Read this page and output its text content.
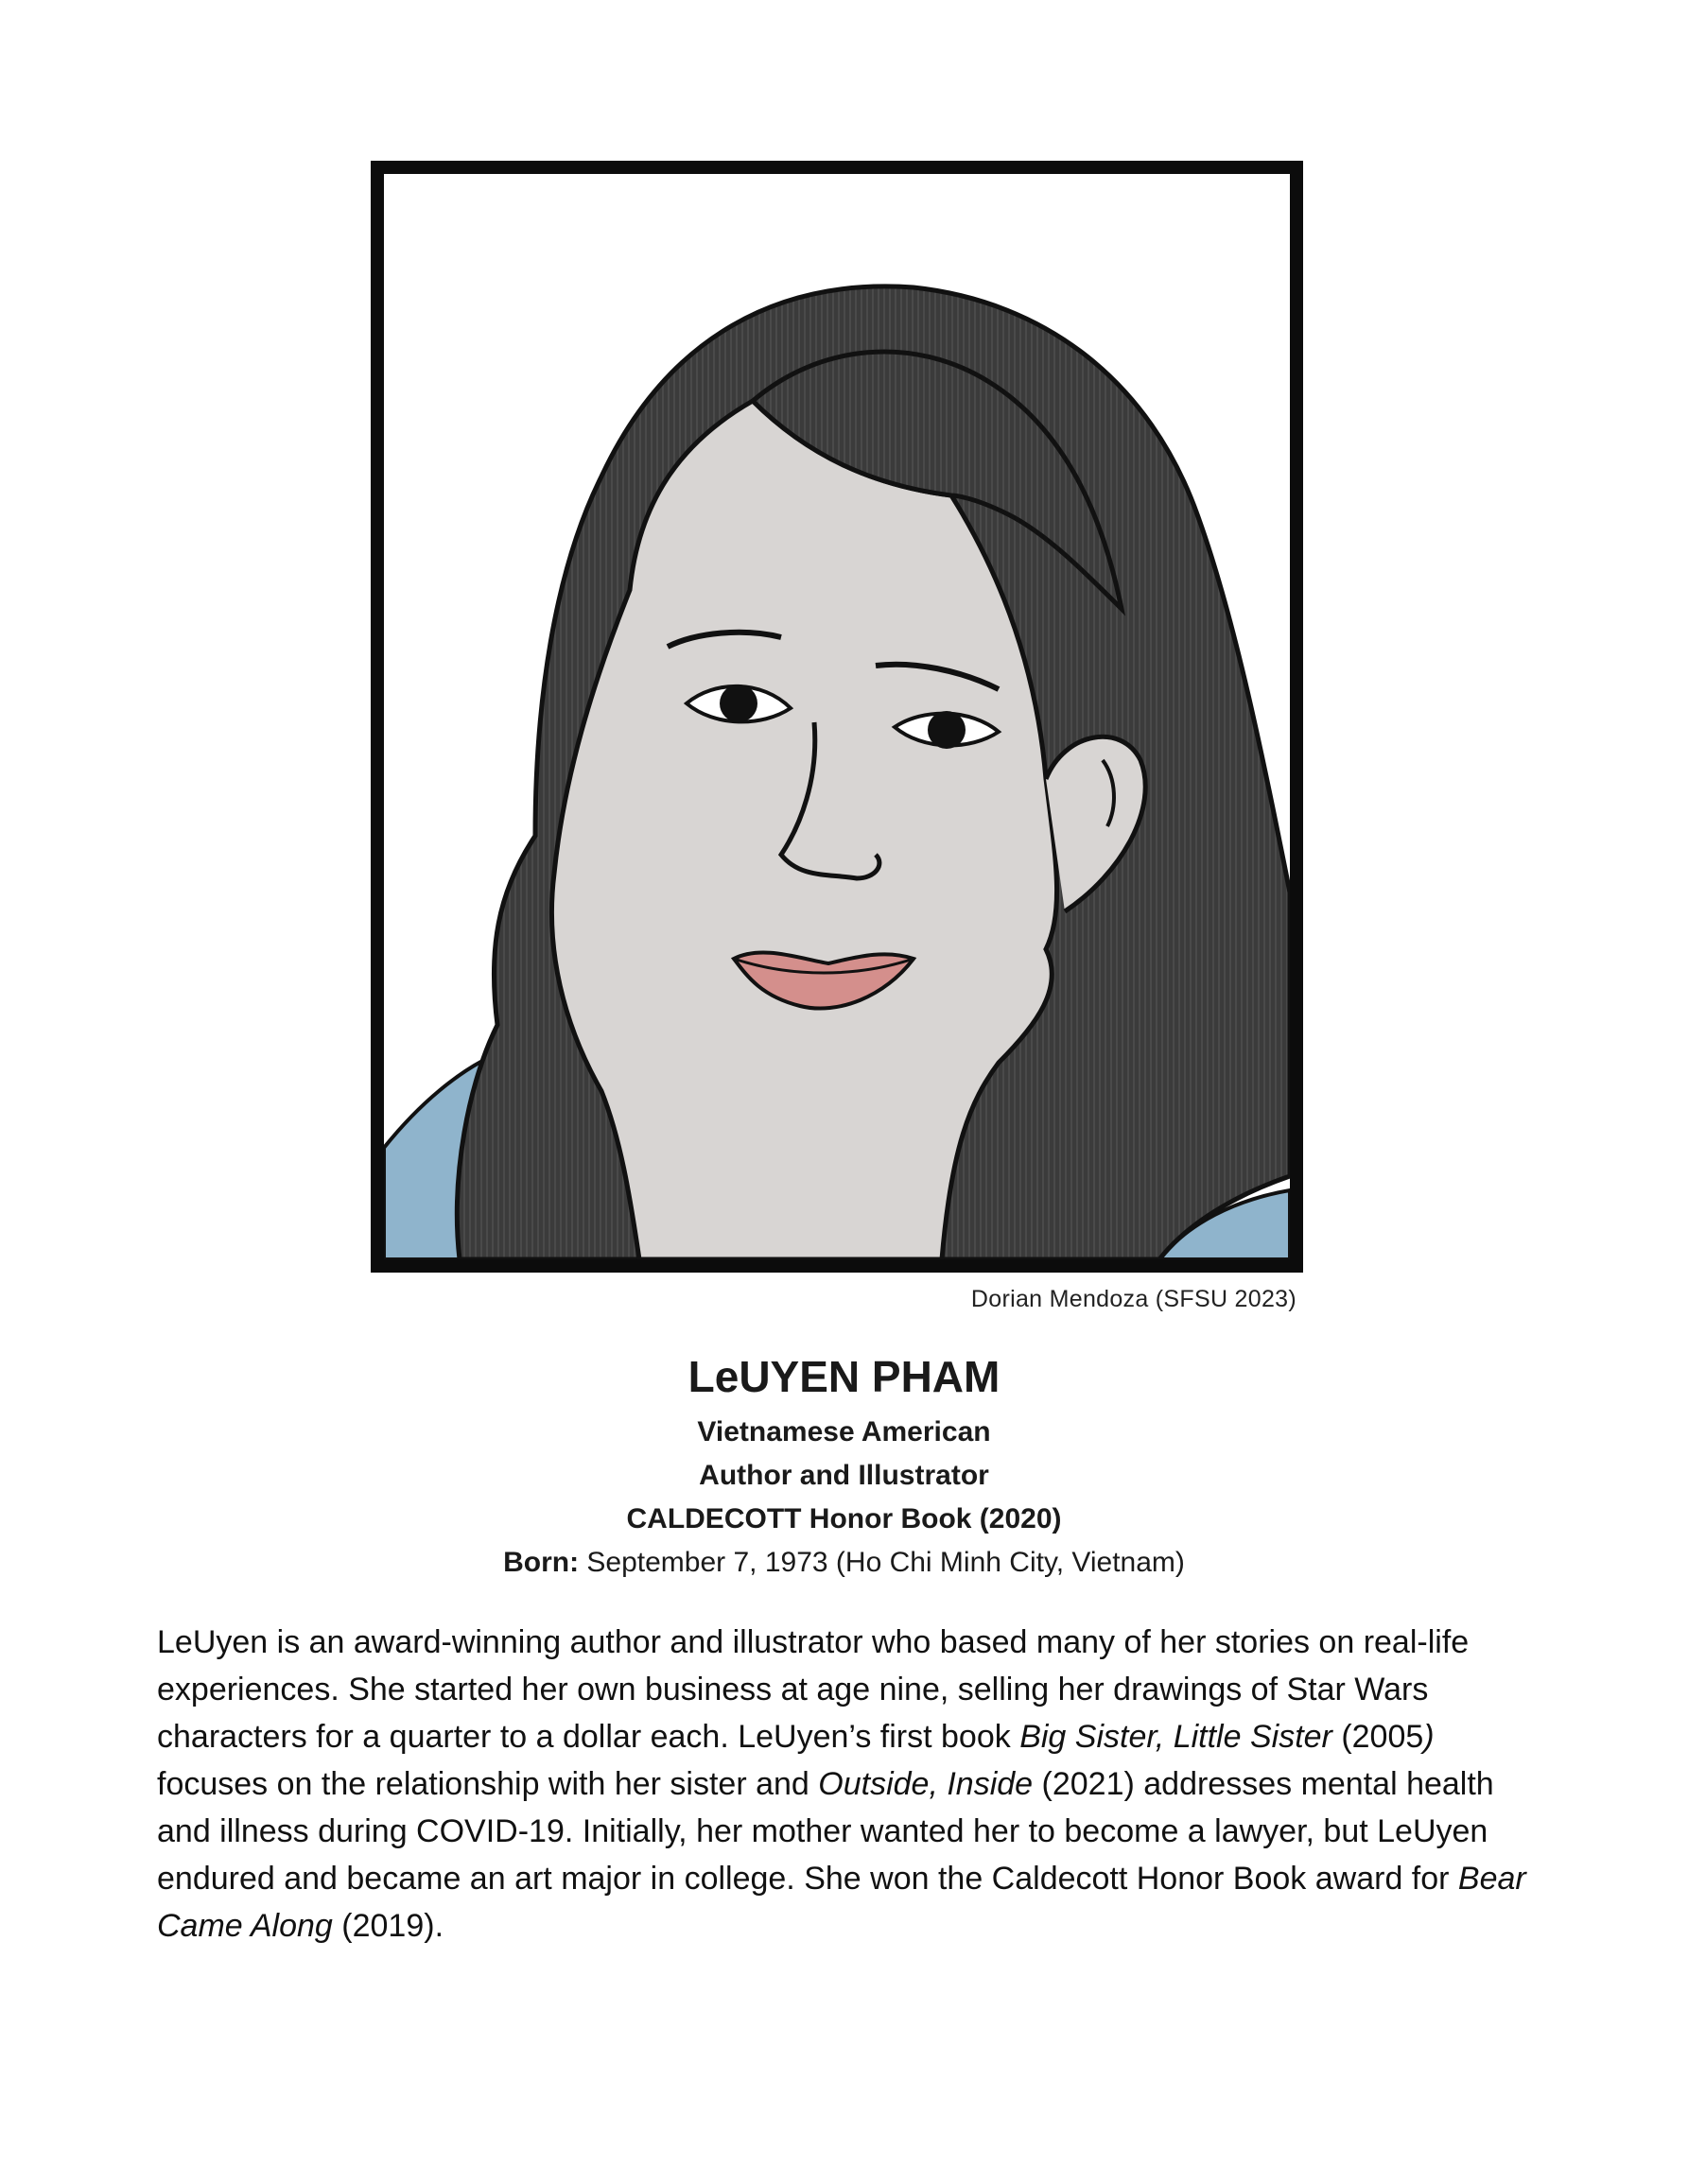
Dorian Mendoza (SFSU 2023)

LeUYEN PHAM

Vietnamese American

Author and Illustrator

CALDECOTT Honor Book (2020)

Born: September 7, 1973 (Ho Chi Minh City, Vietnam)

LeUyen is an award-winning author and illustrator who based many of her stories on real-life experiences. She started her own business at age nine, selling her drawings of Star Wars characters for a quarter to a dollar each. LeUyen’s first book Big Sister, Little Sister (2005) focuses on the relationship with her sister and Outside, Inside (2021) addresses mental health and illness during COVID-19. Initially, her mother wanted her to become a lawyer, but LeUyen endured and became an art major in college. She won the Caldecott Honor Book award for Bear Came Along (2019).
